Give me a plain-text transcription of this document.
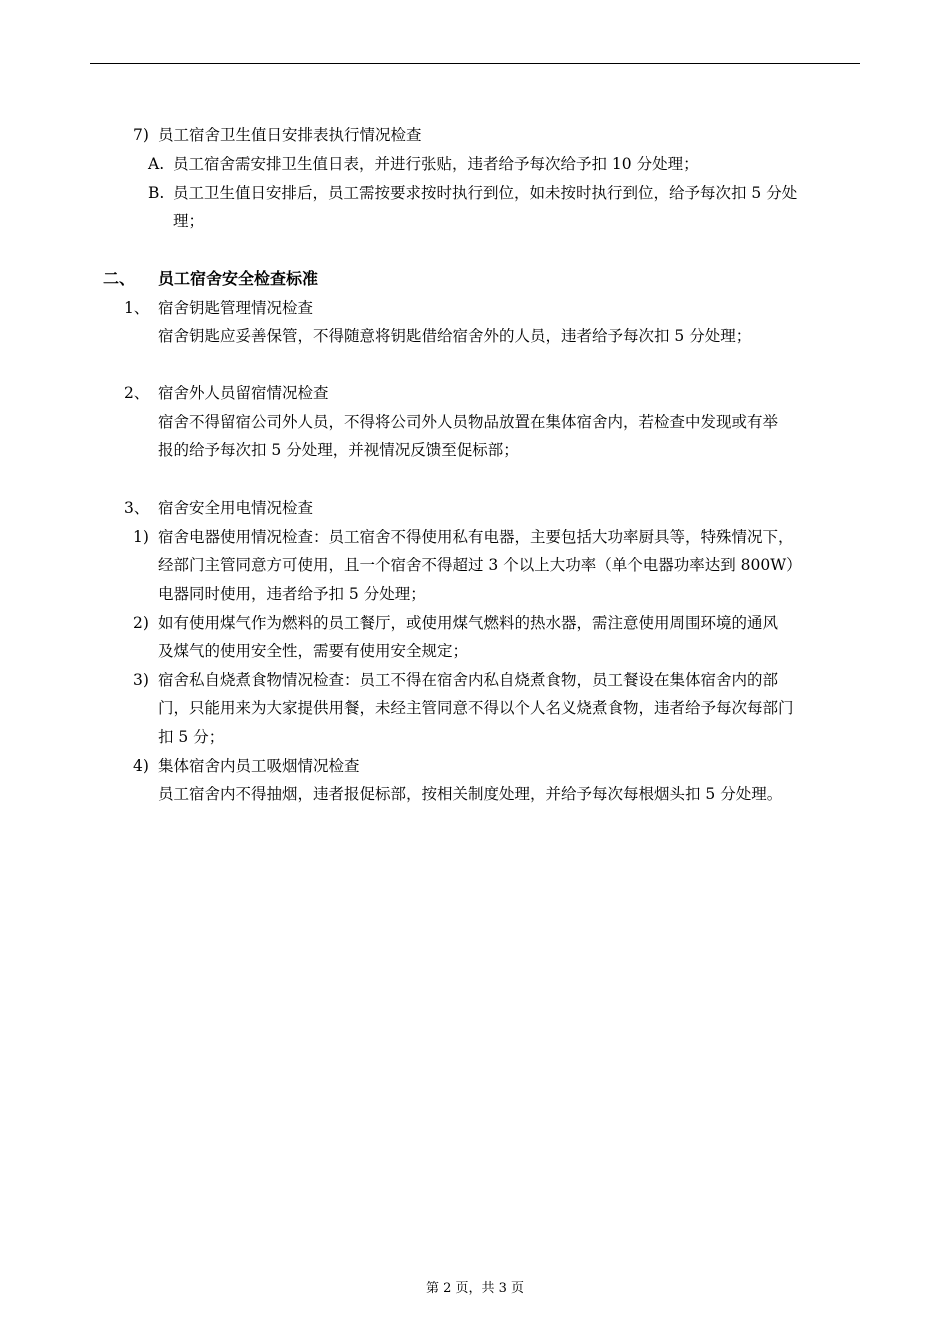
7) 员工宿舍卫生值日安排表执行情况检查
A. 员工宿舍需安排卫生值日表，并进行张贴，违者给予每次给予扣 10 分处理；
B. 员工卫生值日安排后，员工需按要求按时执行到位，如未按时执行到位，给予每次扣 5 分处
理；
二、 员工宿舍安全检查标准
1、 宿舍钥匙管理情况检查
宿舍钥匙应妥善保管，不得随意将钥匙借给宿舍外的人员，违者给予每次扣 5 分处理；
2、 宿舍外人员留宿情况检查
宿舍不得留宿公司外人员，不得将公司外人员物品放置在集体宿舍内，若检查中发现或有举
报的给予每次扣 5 分处理，并视情况反馈至促标部；
3、 宿舍安全用电情况检查
1) 宿舍电器使用情况检查：员工宿舍不得使用私有电器，主要包括大功率厨具等，特殊情况下，
经部门主管同意方可使用，且一个宿舍不得超过 3 个以上大功率（单个电器功率达到 800W）
电器同时使用，违者给予扣 5 分处理；
2) 如有使用煤气作为燃料的员工餐厅，或使用煤气燃料的热水器，需注意使用周围环境的通风
及煤气的使用安全性，需要有使用安全规定；
3) 宿舍私自烧煮食物情况检查：员工不得在宿舍内私自烧煮食物，员工餐设在集体宿舍内的部
门，只能用来为大家提供用餐，未经主管同意不得以个人名义烧煮食物，违者给予每次每部门
扣 5 分；
4) 集体宿舍内员工吸烟情况检查
员工宿舍内不得抽烟，违者报促标部，按相关制度处理，并给予每次每根烟头扣 5 分处理。
第 2 页，共 3 页
